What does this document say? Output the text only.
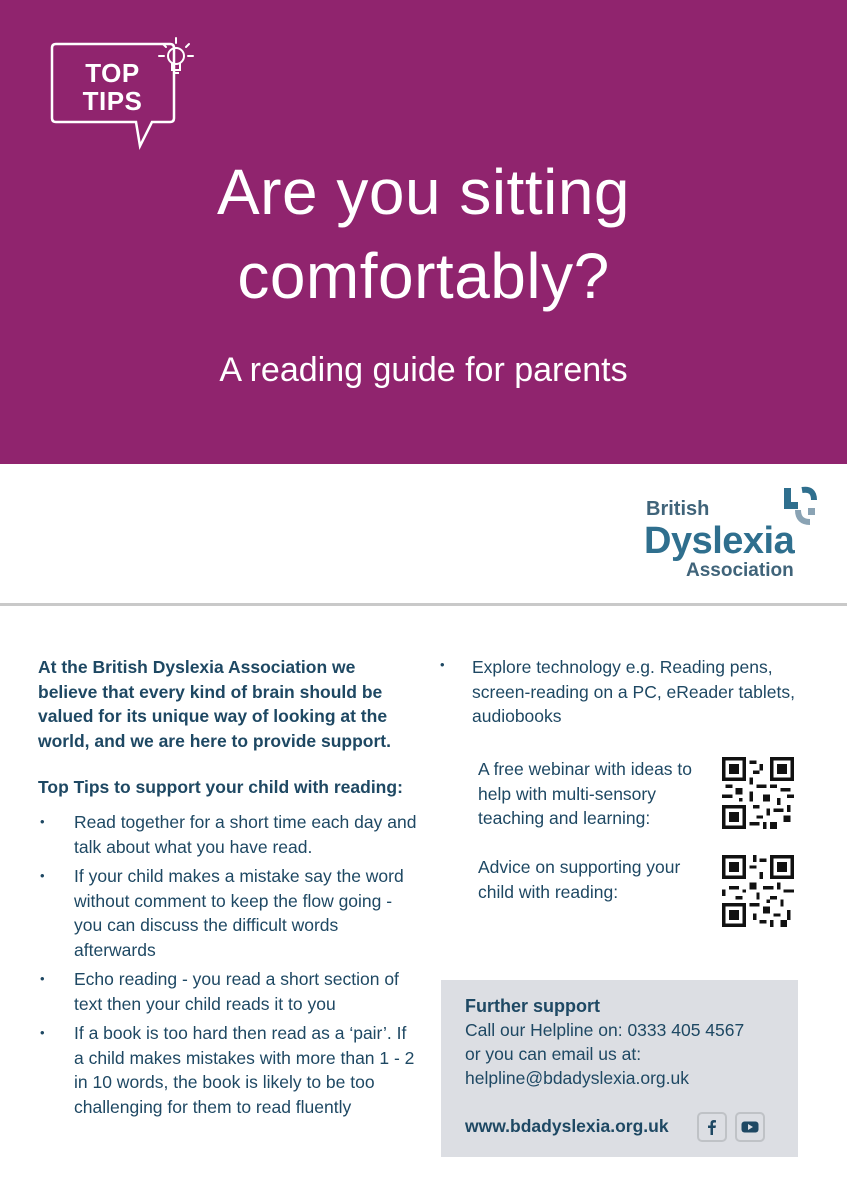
TOP
TIPS
Are you sitting
comfortably?
A reading guide for parents
British
Dyslexia
Association

At the British Dyslexia Association we believe that every kind of brain should be valued for its unique way of looking at the world, and we are here to provide support.

Top Tips to support your child with reading:

• Read together for a short time each day and talk about what you have read.
• If your child makes a mistake say the word without comment to keep the flow going - you can discuss the difficult words afterwards
• Echo reading - you read a short section of text then your child reads it to you
• If a book is too hard then read as a ‘pair’. If a child makes mistakes with more than 1 - 2 in 10 words, the book is likely to be too challenging for them to read fluently
• Explore technology e.g. Reading pens, screen-reading on a PC, eReader tablets, audiobooks
A free webinar with ideas to help with multi-sensory teaching and learning:
Advice on supporting your child with reading:
Further support
Call our Helpline on: 0333 405 4567
or you can email us at:
helpline@bdadyslexia.org.uk
www.bdadyslexia.org.uk
